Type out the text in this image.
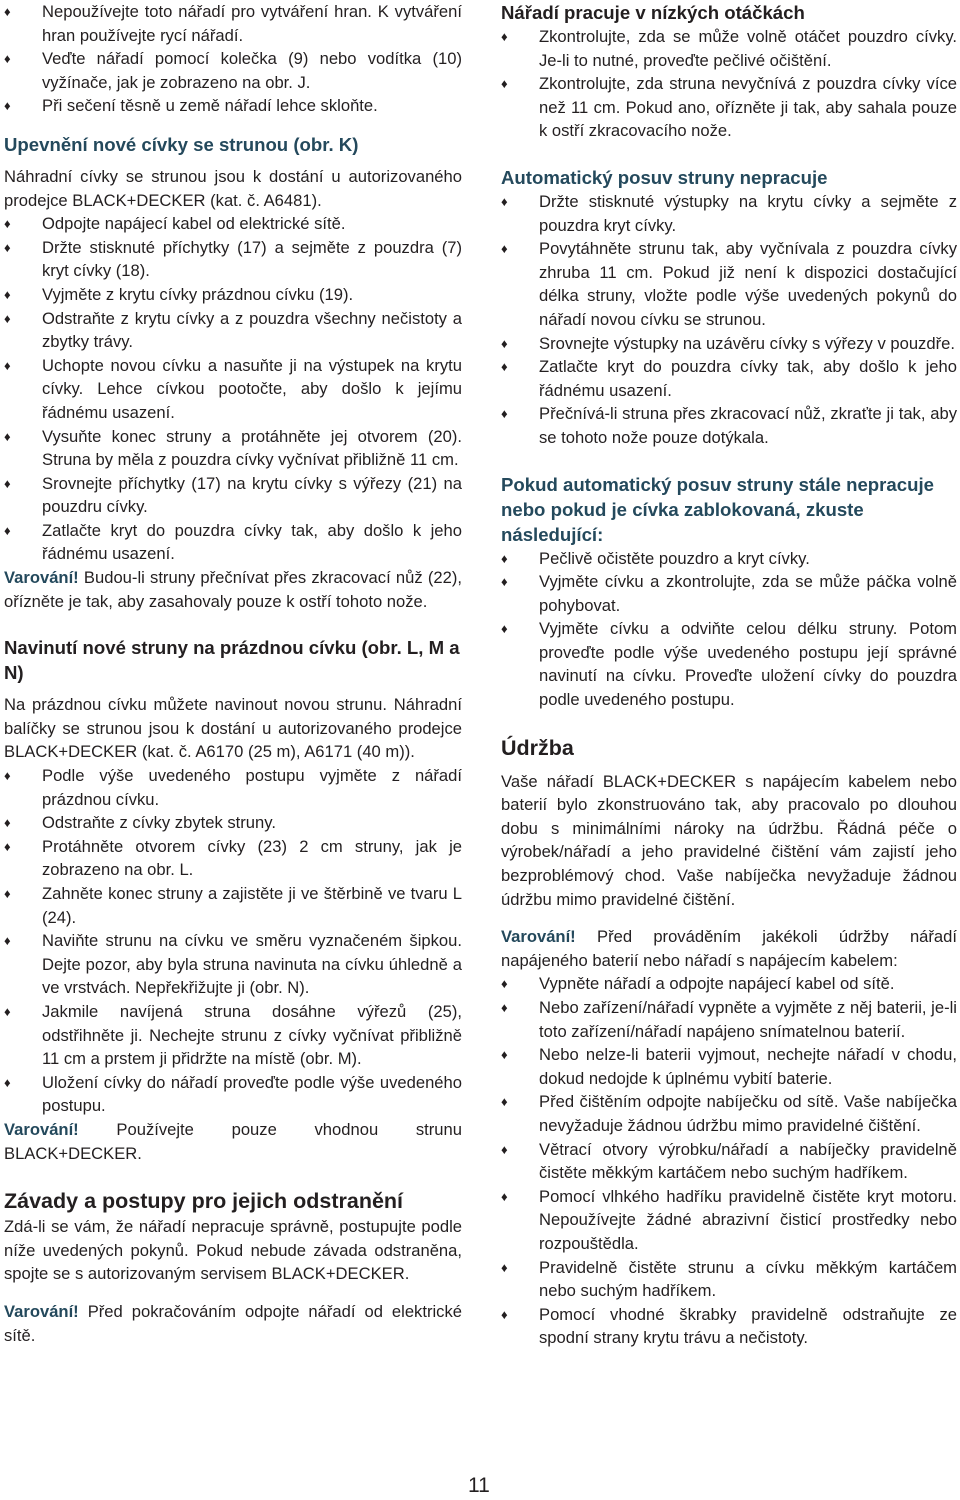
♦ Nepoužívejte toto nářadí pro vytváření hran. K vytváření hran používejte rycí nářadí.
♦ Veďte nářadí pomocí kolečka (9) nebo vodítka (10) vyžínače, jak je zobrazeno na obr. J.
♦ Při sečení těsně u země nářadí lehce skloňte.
Upevnění nové cívky se strunou (obr. K)

Náhradní cívky se strunou jsou k dostání u autorizovaného prodejce BLACK+DECKER (kat. č. A6481).

♦ Odpojte napájecí kabel od elektrické sítě.
♦ Držte stisknuté příchytky (17) a sejměte z pouzdra (7) kryt cívky (18).
♦ Vyjměte z krytu cívky prázdnou cívku (19).
♦ Odstraňte z krytu cívky a z pouzdra všechny nečistoty a zbytky trávy.
♦ Uchopte novou cívku a nasuňte ji na výstupek na krytu cívky. Lehce cívkou pootočte, aby došlo k jejímu řádnému usazení.
♦ Vysuňte konec struny a protáhněte jej otvorem (20). Struna by měla z pouzdra cívky vyčnívat přibližně 11 cm.
♦ Srovnejte příchytky (17) na krytu cívky s výřezy (21) na pouzdru cívky.
♦ Zatlačte kryt do pouzdra cívky tak, aby došlo k jeho řádnému usazení.

Varování! Budou-li struny přečnívat přes zkracovací nůž (22), ořízněte je tak, aby zasahovaly pouze k ostří tohoto nože.

Navinutí nové struny na prázdnou cívku (obr. L, M a N)

Na prázdnou cívku můžete navinout novou strunu. Náhradní balíčky se strunou jsou k dostání u autorizovaného prodejce BLACK+DECKER (kat. č. A6170 (25 m), A6171 (40 m)).

♦ Podle výše uvedeného postupu vyjměte z nářadí prázdnou cívku.
♦ Odstraňte z cívky zbytek struny.
♦ Protáhněte otvorem cívky (23) 2 cm struny, jak je zobrazeno na obr. L.
♦ Zahněte konec struny a zajistěte ji ve štěrbině ve tvaru L (24).
♦ Naviňte strunu na cívku ve směru vyznačeném šipkou. Dejte pozor, aby byla struna navinuta na cívku úhledně a ve vrstvách. Nepřekřižujte ji (obr. N).
♦ Jakmile navíjená struna dosáhne výřezů (25), odstřihněte ji. Nechejte strunu z cívky vyčnívat přibližně 11 cm a prstem ji přidržte na místě (obr. M).
♦ Uložení cívky do nářadí proveďte podle výše uvedeného postupu.

Varování! Používejte pouze vhodnou strunu BLACK+DECKER.

Závady a postupy pro jejich odstranění

Zdá-li se vám, že nářadí nepracuje správně, postupujte podle níže uvedených pokynů. Pokud nebude závada odstraněna, spojte se s autorizovaným servisem BLACK+DECKER.

Varování! Před pokračováním odpojte nářadí od elektrické sítě.

Nářadí pracuje v nízkých otáčkách
♦ Zkontrolujte, zda se může volně otáčet pouzdro cívky. Je-li to nutné, proveďte pečlivé očištění.
♦ Zkontrolujte, zda struna nevyčnívá z pouzdra cívky více než 11 cm. Pokud ano, ořízněte ji tak, aby sahala pouze k ostří zkracovacího nože.
Automatický posuv struny nepracuje
♦ Držte stisknuté výstupky na krytu cívky a sejměte z pouzdra kryt cívky.
♦ Povytáhněte strunu tak, aby vyčnívala z pouzdra cívky zhruba 11 cm. Pokud již není k dispozici dostačující délka struny, vložte podle výše uvedených pokynů do nářadí novou cívku se strunou.
♦ Srovnejte výstupky na uzávěru cívky s výřezy v pouzdře.
♦ Zatlačte kryt do pouzdra cívky tak, aby došlo k jeho řádnému usazení.
♦ Přečnívá-li struna přes zkracovací nůž, zkraťte ji tak, aby se tohoto nože pouze dotýkala.
Pokud automatický posuv struny stále nepracuje nebo pokud je cívka zablokovaná, zkuste následující:
♦ Pečlivě očistěte pouzdro a kryt cívky.
♦ Vyjměte cívku a zkontrolujte, zda se může páčka volně pohybovat.
♦ Vyjměte cívku a odviňte celou délku struny. Potom proveďte podle výše uvedeného postupu její správné navinutí na cívku. Proveďte uložení cívky do pouzdra podle uvedeného postupu.
Údržba

Vaše nářadí BLACK+DECKER s napájecím kabelem nebo baterií bylo zkonstruováno tak, aby pracovalo po dlouhou dobu s minimálními nároky na údržbu. Řádná péče o výrobek/nářadí a jeho pravidelné čištění vám zajistí jeho bezproblémový chod. Vaše nabíječka nevyžaduje žádnou údržbu mimo pravidelné čištění.

Varování! Před prováděním jakékoli údržby nářadí napájeného baterií nebo nářadí s napájecím kabelem:

♦ Vypněte nářadí a odpojte napájecí kabel od sítě.
♦ Nebo zařízení/nářadí vypněte a vyjměte z něj baterii, je-li toto zařízení/nářadí napájeno snímatelnou baterií.
♦ Nebo nelze-li baterii vyjmout, nechejte nářadí v chodu, dokud nedojde k úplnému vybití baterie.
♦ Před čištěním odpojte nabíječku od sítě. Vaše nabíječka nevyžaduje žádnou údržbu mimo pravidelné čištění.
♦ Větrací otvory výrobku/nářadí a nabíječky pravidelně čistěte měkkým kartáčem nebo suchým hadříkem.
♦ Pomocí vlhkého hadříku pravidelně čistěte kryt motoru. Nepoužívejte žádné abrazivní čisticí prostředky nebo rozpouštědla.
♦ Pravidelně čistěte strunu a cívku měkkým kartáčem nebo suchým hadříkem.
♦ Pomocí vhodné škrabky pravidelně odstraňujte ze spodní strany krytu trávu a nečistoty.
11
